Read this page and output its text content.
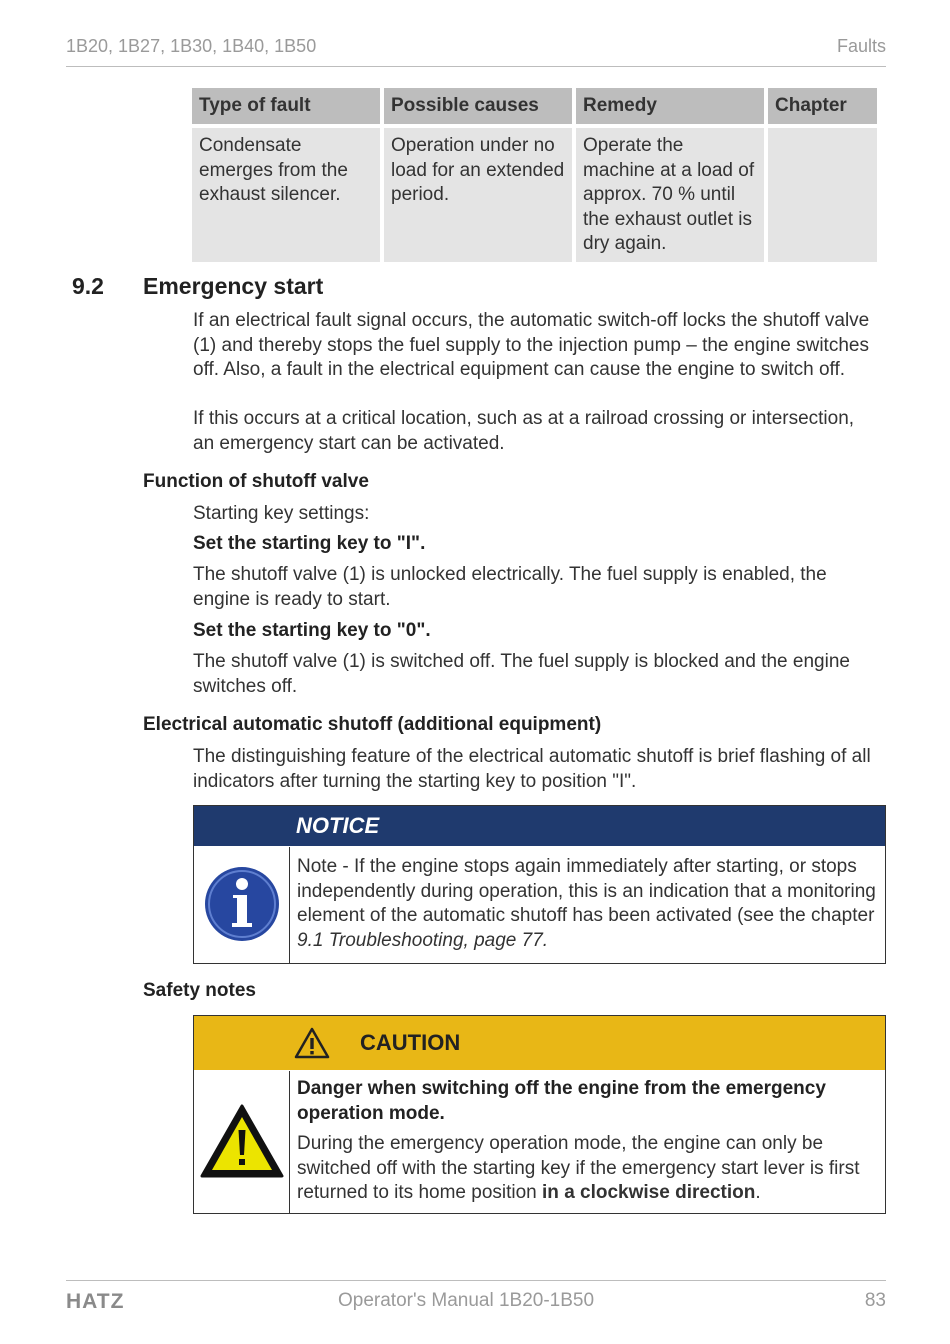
1B20, 1B27, 1B30, 1B40, 1B50	Faults
Type of fault	Possible causes	Remedy	Chapter
Condensate emerges from the exhaust silencer.	Operation under no load for an extended period.	Operate the machine at a load of approx. 70 % until the exhaust outlet is dry again.	
9.2 Emergency start
If an electrical fault signal occurs, the automatic switch-off locks the shutoff valve (1) and thereby stops the fuel supply to the injection pump – the engine switches off. Also, a fault in the electrical equipment can cause the engine to switch off.
If this occurs at a critical location, such as at a railroad crossing or intersection, an emergency start can be activated.
Function of shutoff valve
Starting key settings:
Set the starting key to "I".
The shutoff valve (1) is unlocked electrically. The fuel supply is enabled, the engine is ready to start.
Set the starting key to "0".
The shutoff valve (1) is switched off. The fuel supply is blocked and the engine switches off.
Electrical automatic shutoff (additional equipment)
The distinguishing feature of the electrical automatic shutoff is brief flashing of all indicators after turning the starting key to position "I".
NOTICE
Note - If the engine stops again immediately after starting, or stops independently during operation, this is an indication that a monitoring element of the automatic shutoff has been activated (see the chapter 9.1 Troubleshooting, page 77.
Safety notes
CAUTION
Danger when switching off the engine from the emergency operation mode.
During the emergency operation mode, the engine can only be switched off with the starting key if the emergency start lever is first returned to its home position in a clockwise direction.
HATZ	Operator's Manual 1B20-1B50	83
